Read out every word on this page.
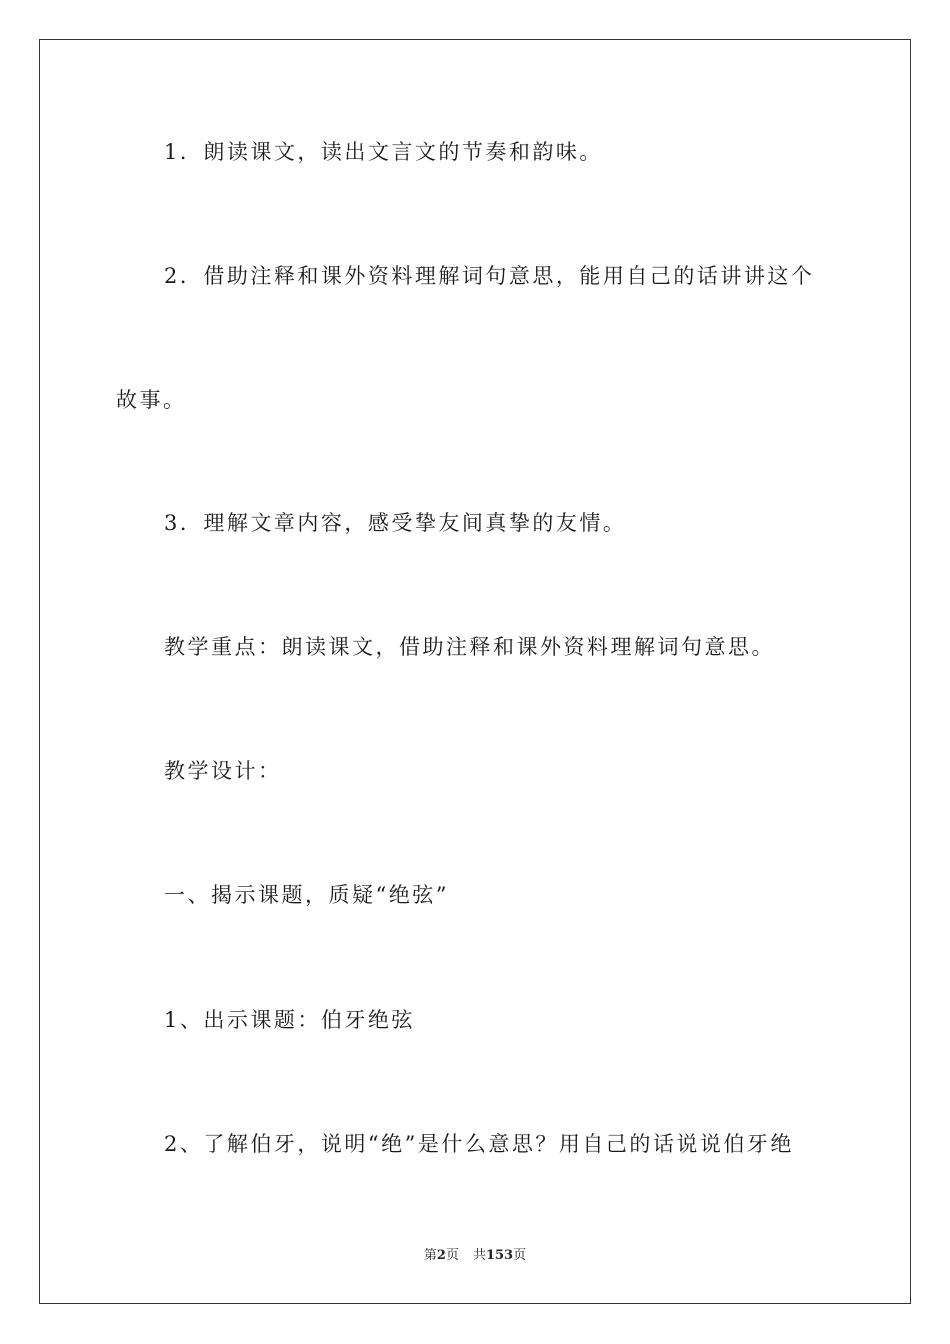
1．朗读课文，读出文言文的节奏和韵味。
2．借助注释和课外资料理解词句意思，能用自己的话讲讲这个
故事。
3．理解文章内容，感受挚友间真挚的友情。
教学重点：朗读课文，借助注释和课外资料理解词句意思。
教学设计：
一、揭示课题，质疑“绝弦”
1、出示课题：伯牙绝弦
2、了解伯牙，说明“绝”是什么意思？用自己的话说说伯牙绝
第2页 共153页
